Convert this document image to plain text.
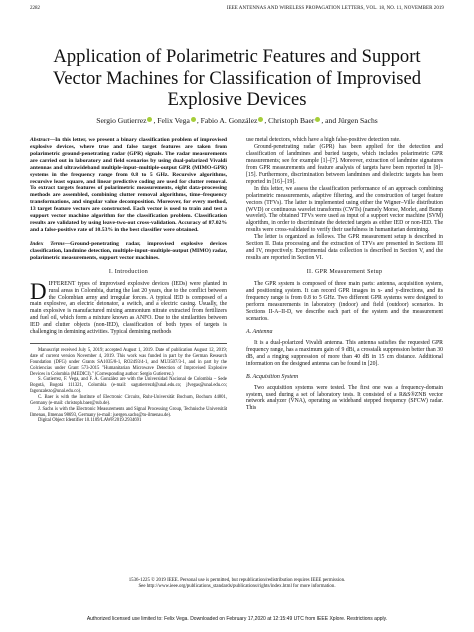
2282	IEEE ANTENNAS AND WIRELESS PROPAGATION LETTERS, VOL. 18, NO. 11, NOVEMBER 2019
Application of Polarimetric Features and Support Vector Machines for Classification of Improvised Explosive Devices
Sergio Gutierrez , Felix Vega , Fabio A. González , Christoph Baer , and Jürgen Sachs
Abstract—In this letter, we present a binary classification problem of improvised explosive devices, where true and false target features are taken from polarimetric ground-penetrating radar (GPR) signals. The radar measurements are carried out in laboratory and field scenarios by using dual-polarized Vivaldi antennas and ultrawideband multiple-input–multiple-output GPR (MIMO-GPR) systems in the frequency range from 0.8 to 5 GHz. Recursive algorithms, recursive least square, and linear predictive coding are used for clutter removal. To extract targets features of polarimetric measurements, eight data-processing methods are assembled, combining clutter removal algorithms, time–frequency transformations, and singular value decomposition. Moreover, for every method, 13 target feature vectors are constructed. Each vector is used to train and test a support vector machine algorithm for the classification problem. Classification results are validated by using leave-two-out cross-validation. Accuracy of 87.02% and a false-positive rate of 10.53% in the best classifier were obtained.
Index Terms—Ground-penetrating radar, improvised explosive devices classification, landmine detection, multiple-input–multiple-output (MIMO) radar, polarimetric measurements, support vector machines.
I. Introduction

DIFFERENT types of improvised explosive devices (IEDs) were planted in rural areas in Colombia, during the last 20 years, due to the conflict between the Colombian army and irregular forces. A typical IED is composed of a main explosive, an electric detonator, a switch, and a electric casing. Usually, the main explosive is manufactured mixing ammonium nitrate extracted from fertilizers and fuel oil, which form a mixture known as ANFO. Due to the similarities between IED and clutter objects (non-IED), classification of both types of targets is challenging in demining activities. Typical demining methods

Manuscript received July 5, 2019; accepted August 1, 2019. Date of publication August 12, 2019; date of current version November 4, 2019. This work was funded in part by the German Research Foundation (DFG) under Grants SA1035/8-1, RO2493/4-1, and MU3507/3-1, and in part by the Colciencias under Grant 573-2015 "Humanitarian Microwave Detection of Improvised Explosive Devices in Colombia (MEDICI)." (Corresponding author: Sergio Gutierrez.)

S. Gutierrez, F. Vega, and F. A. González are with the Universidad Nacional de Colombia – Sede Bogotá, Bogotá 111321, Colombia (e-mail: sagutierrezd@unal.edu.co; jfvegas@unal.edu.co; fagonzalezo@unal.edu.co).

C. Baer is with the Institute of Electronic Circuits, Ruhr-Universität Bochum, Bochum 44801, Germany (e-mail: christoph.baer@rub.de).

J. Sachs is with the Electronic Measurements and Signal Processing Group, Technische Universität Ilmenau, Ilmenau 98693, Germany (e-mail: juergen.sachs@tu-ilmenau.de).

Digital Object Identifier 10.1109/LAWP.2019.2934691

use metal detectors, which have a high false-positive detection rate.

Ground-penetrating radar (GPR) has been applied for the detection and classification of landmines and buried targets, which includes polarimetric GPR measurements; see for example [1]–[7]. Moreover, extraction of landmine signatures from GPR measurements and feature analysis of targets have been reported in [8]–[15]. Furthermore, discrimination between landmines and dielectric targets has been reported in [16]–[19].

In this letter, we assess the classification performance of an approach combining polarimetric measurements, adaptive filtering, and the construction of target feature vectors (TFVs). The latter is implemented using either the Wigner–Ville distribution (WVD) or continuous wavelet transforms (CWTs) (namely Morse, Morlet, and Bump wavelet). The obtained TFVs were used as input of a support vector machine (SVM) algorithm, in order to discriminate the detected targets as either IED or non-IED. The results were cross-validated to verify their usefulness in humanitarian demining.

The letter is organized as follows. The GPR measurement setup is described in Section II. Data processing and the extraction of TFVs are presented in Sections III and IV, respectively. Experimental data collection is described in Section V, and the results are reported in Section VI.

II. GPR Measurement Setup

The GPR system is composed of three main parts: antenna, acquisition system, and positioning system. It can record GPR images in x- and y-directions, and its frequency range is from 0.8 to 5 GHz. Two different GPR systems were designed to perform measurements in laboratory (indoor) and field (outdoor) scenarios. In Sections II-A–II-D, we describe each part of the system and the measurement scenarios.

A. Antenna

It is a dual-polarized Vivaldi antenna. This antenna satisfies the requested GPR frequency range, has a maximum gain of 9 dBi, a crosstalk suppression better than 30 dB, and a ringing suppression of more than 40 dB in 15 cm distance. Additional information on the designed antenna can be found in [20].

B. Acquisition System

Two acquisition systems were tested. The first one was a frequency-domain system, used during a set of laboratory tests. It consisted of a R&S®ZNB vector network analyzer (VNA), operating as wideband stepped frequency (SFCW) radar. This

1536-1225 © 2019 IEEE. Personal use is permitted, but republication/redistribution requires IEEE permission.
See http://www.ieee.org/publications_standards/publications/rights/index.html for more information.
Authorized licensed use limited to: Felix Vega. Downloaded on February 17,2020 at 12:15:49 UTC from IEEE Xplore. Restrictions apply.
